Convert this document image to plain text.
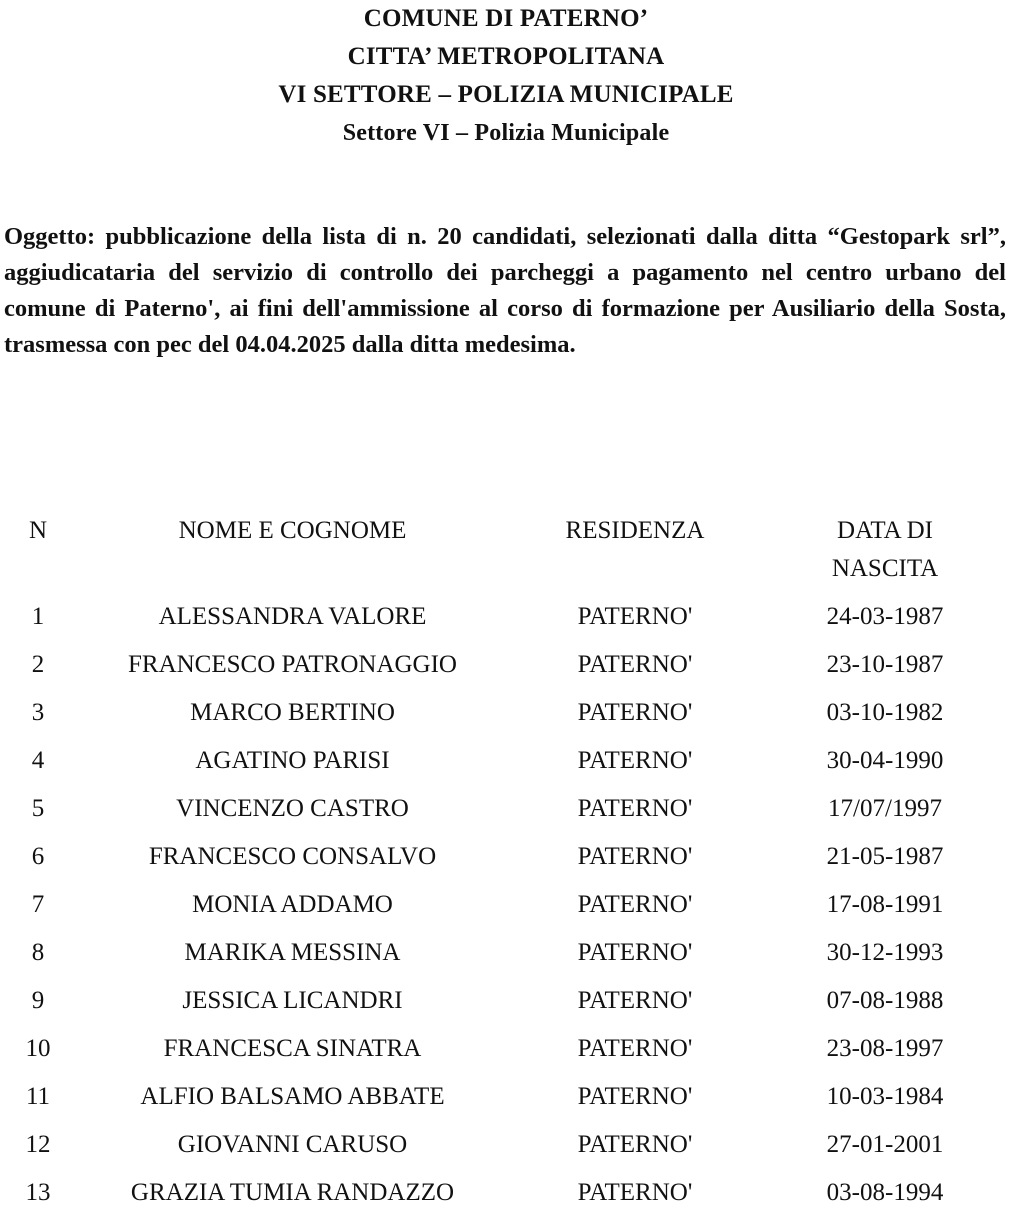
COMUNE DI PATERNO’
CITTA’ METROPOLITANA
VI SETTORE – POLIZIA MUNICIPALE
Settore VI – Polizia Municipale
Oggetto: pubblicazione della lista di n. 20 candidati, selezionati dalla ditta “Gestopark srl”, aggiudicataria del servizio di controllo dei parcheggi a pagamento nel centro urbano del comune di Paterno', ai fini dell'ammissione al corso di formazione per Ausiliario della Sosta, trasmessa con pec del 04.04.2025 dalla ditta medesima.
N	NOME E COGNOME	RESIDENZA	DATA DI
NASCITA
1	ALESSANDRA VALORE	PATERNO'	24-03-1987
2	FRANCESCO PATRONAGGIO	PATERNO'	23-10-1987
3	MARCO BERTINO	PATERNO'	03-10-1982
4	AGATINO PARISI	PATERNO'	30-04-1990
5	VINCENZO CASTRO	PATERNO'	17/07/1997
6	FRANCESCO CONSALVO	PATERNO'	21-05-1987
7	MONIA ADDAMO	PATERNO'	17-08-1991
8	MARIKA MESSINA	PATERNO'	30-12-1993
9	JESSICA LICANDRI	PATERNO'	07-08-1988
10	FRANCESCA SINATRA	PATERNO'	23-08-1997
11	ALFIO BALSAMO ABBATE	PATERNO'	10-03-1984
12	GIOVANNI CARUSO	PATERNO'	27-01-2001
13	GRAZIA TUMIA RANDAZZO	PATERNO'	03-08-1994
